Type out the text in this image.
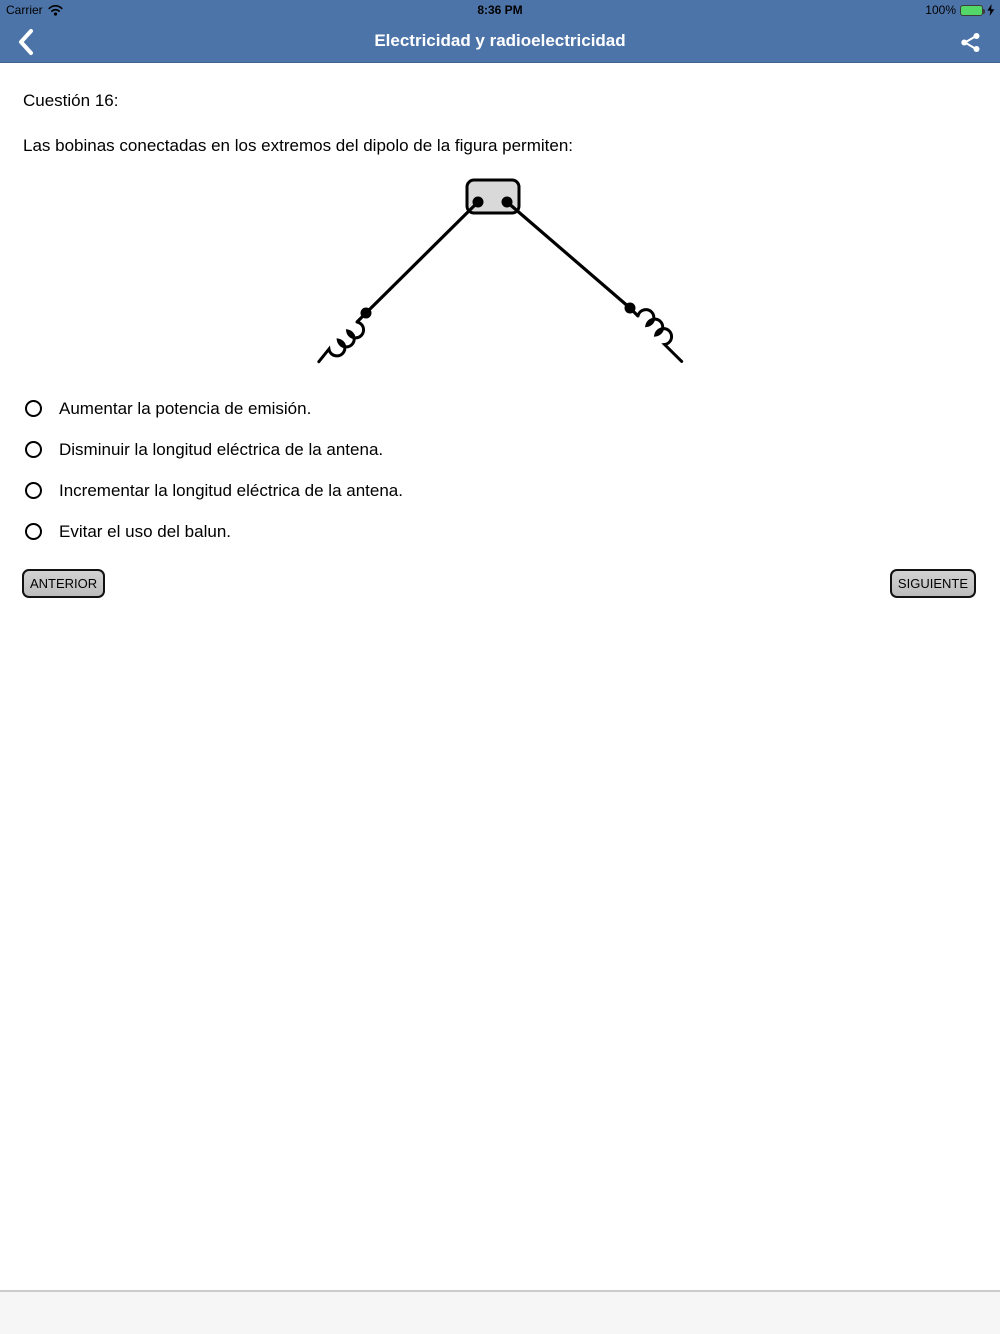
Carrier	8:36 PM	100%
Electricidad y radioelectricidad
Cuestión 16:
Las bobinas conectadas en los extremos del dipolo de la figura permiten:
Aumentar la potencia de emisión.
Disminuir la longitud eléctrica de la antena.
Incrementar la longitud eléctrica de la antena.
Evitar el uso del balun.
ANTERIOR	SIGUIENTE
